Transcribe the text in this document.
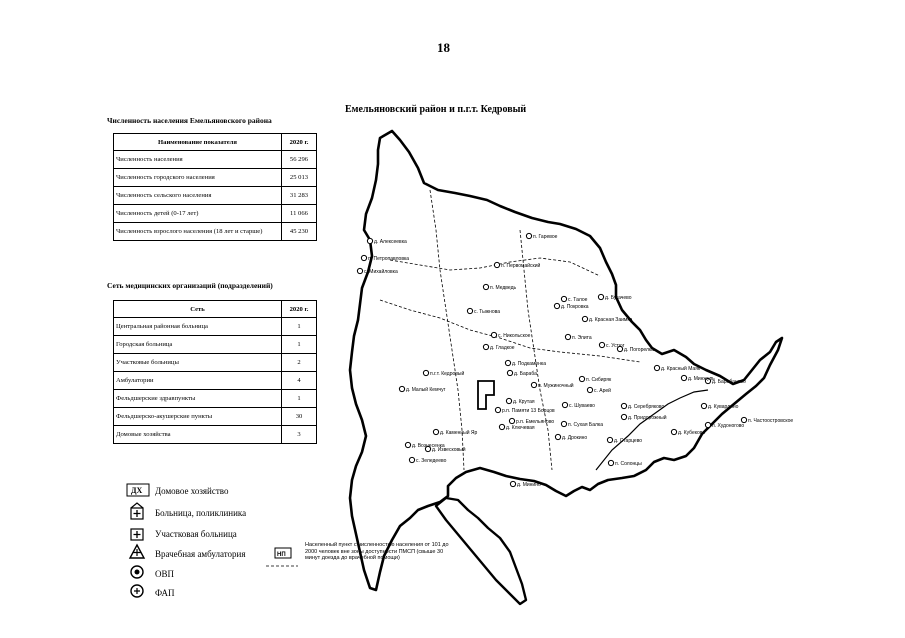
18
Численность населения Емельяновского района
Наименование показателя	2020 г.
Численность населения	56 296
Численность городского населения	25 013
Численность сельского населения	31 283
Численность детей (0-17 лет)	11 066
Численность взрослого населения (18 лет и старше)	45 230
Сеть медицинских организаций (подразделений)
Сеть	2020 г.
Центральная районная больница	1
Городская больница	1
Участковые больницы	2
Амбулатории	4
Фельдшерские здравпункты	1
Фельдшерско-акушерские пункты	30
Домовые хозяйства	3
Емельяновский район и п.г.т. Кедровый
д. Алексеевка
п. Петропавловка
с. Михайловка
п. Гаревое
п. Первомайский
п. Медведь
с. Тыжнова
с. Никольское
д. Гладкое
д. Подкаменка
п.г.т. Кедровый
д. Малый Кемчуг
с. Талое
д. Покровка
д. Бугачево
п. Элита
д. Красная Заимка
с. Устюг
д. Погорелка
п. Частоостровское
р.п. Емельяново
р.п. Памяти 13 Борцов
п. Сухая Балка
д. Дрокино
с. Зеледеево
д. Минино
п. Солонцы
с. Арей
с. Шуваево
д. Бараба
д. Кубеково
д. Каменный Яр
д. Вознесенка
п. Сибиряк
д. Серебряково
д. Придорожный
д. Старцево
д. Минжуль
д. Красный Маяк
д. Барабаново
д. Кувардино
п. Худоногово
д. Извесковый
п. Мужиночный
д. Крутая
д. Ключевая
ДХ
НП
Домовое хозяйство
Больница, поликлиника
Участковая больница
Врачебная амбулатория
ОВП
ФАП
Населенный пункт с численностью населения от 101 до 2000 человек вне зоны доступности ПМСП (свыше 30 минут доезда до врачебной помощи)
